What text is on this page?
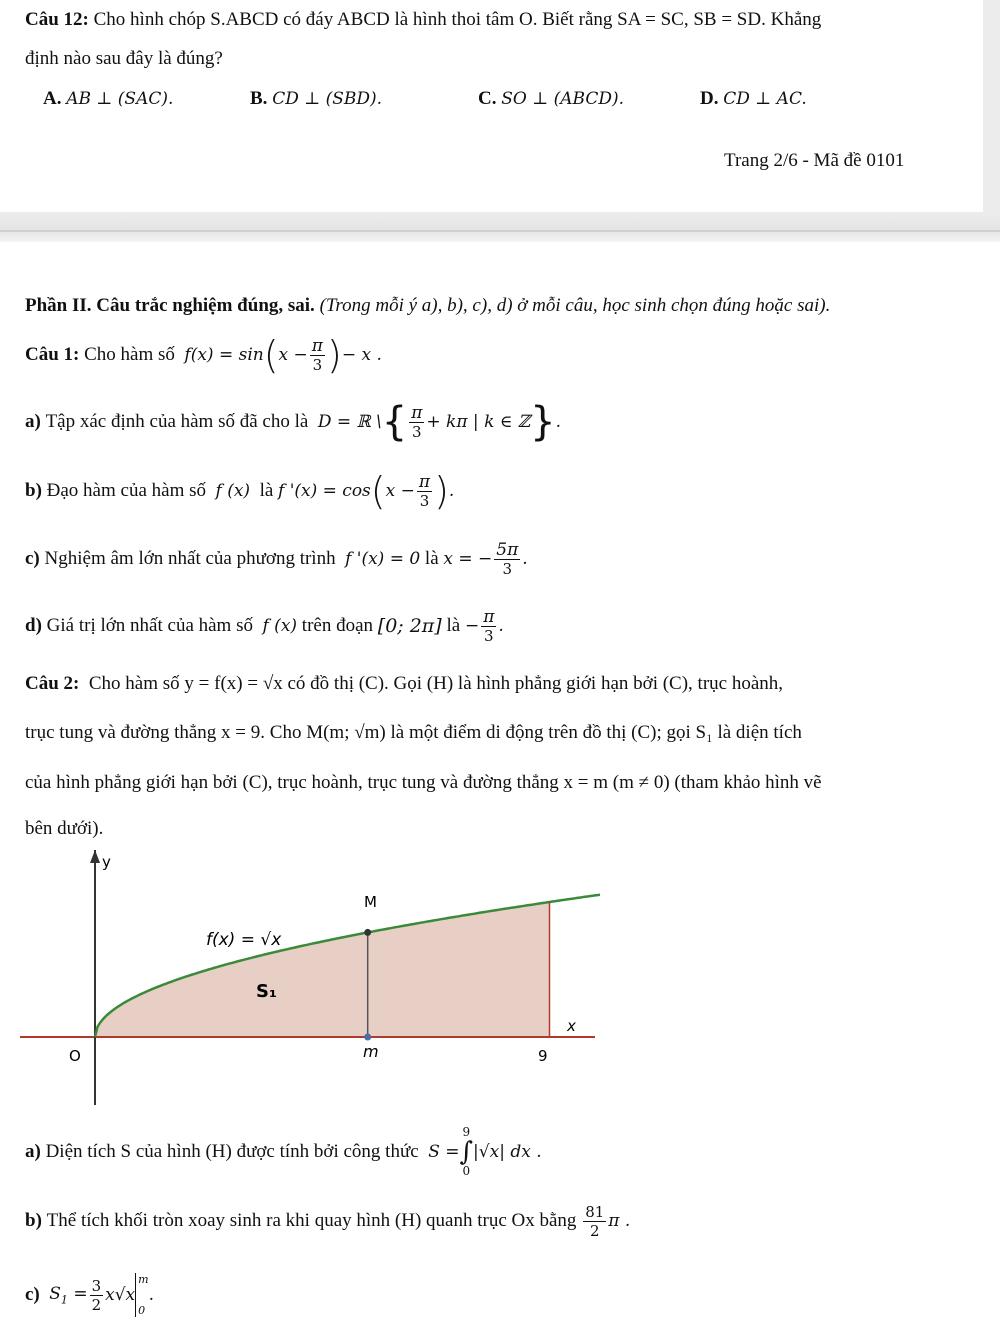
Câu 12: Cho hình chóp S.ABCD có đáy ABCD là hình thoi tâm O. Biết rằng SA = SC, SB = SD. Khẳng
định nào sau đây là đúng?
A. AB ⊥ (SAC).	B. CD ⊥ (SBD).	C. SO ⊥ (ABCD).	D. CD ⊥ AC.
Trang 2/6 - Mã đề 0101
Phần II. Câu trắc nghiệm đúng, sai. (Trong mỗi ý a), b), c), d) ở mỗi câu, học sinh chọn đúng hoặc sai).
Câu 1:
Cho hàm số
f(x) = sin ( $x - \frac{\pi}{3}$ ) − x .
a)
Tập xác định của hàm số đã cho là
D = ℝ \ { $\frac{\pi}{3} + k\pi$ | k ∈ ℤ } .
b)
Đạo hàm của hàm số
f (x)
là
f '(x) = cos ( $x - \frac{\pi}{3}$ ) .
c)
Nghiệm âm lớn nhất của phương trình
f '(x) = 0
là
x = − $\frac{5\pi}{3}$ .
d)
Giá trị lớn nhất của hàm số
f (x)
trên đoạn
[0; 2π]
là
− $\frac{\pi}{3}$ .
Câu 2: Cho hàm số y = f(x) = √x có đồ thị (C). Gọi (H) là hình phẳng giới hạn bởi (C), trục hoành,
trục tung và đường thẳng x = 9. Cho M(m; √m) là một điểm di động trên đồ thị (C); gọi S₁ là diện tích
của hình phẳng giới hạn bởi (C), trục hoành, trục tung và đường thẳng x = m (m ≠ 0) (tham khảo hình vẽ
bên dưới).
y
x
O	m	9
M
f(x) = √x
S₁
a)
Diện tích S của hình (H) được tính bởi công thức
S =
9
∫
0
|√x| dx .
b)
Thể tích khối tròn xoay sinh ra khi quay hình (H) quanh trục Ox bằng
$\frac{81}{2}$ π .
c)
$S_1 = \frac{3}{2} x√x$
m
0
.
